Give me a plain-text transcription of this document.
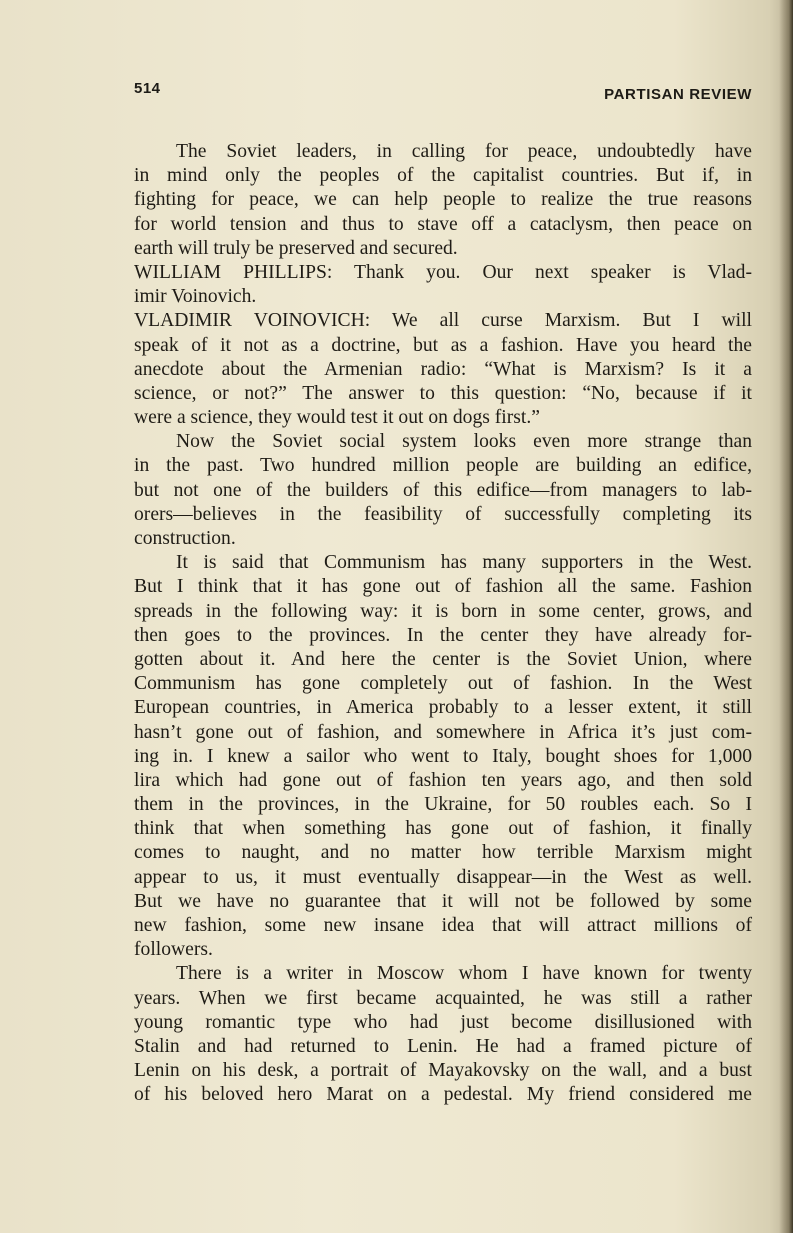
514	PARTISAN REVIEW
The Soviet leaders, in calling for peace, undoubtedly have
in mind only the peoples of the capitalist countries. But if, in
fighting for peace, we can help people to realize the true reasons
for world tension and thus to stave off a cataclysm, then peace on
earth will truly be preserved and secured.
WILLIAM PHILLIPS: Thank you. Our next speaker is Vlad-
imir Voinovich.
VLADIMIR VOINOVICH: We all curse Marxism. But I will
speak of it not as a doctrine, but as a fashion. Have you heard the
anecdote about the Armenian radio: “What is Marxism? Is it a
science, or not?” The answer to this question: “No, because if it
were a science, they would test it out on dogs first.”
Now the Soviet social system looks even more strange than
in the past. Two hundred million people are building an edifice,
but not one of the builders of this edifice—from managers to lab-
orers—believes in the feasibility of successfully completing its
construction.
It is said that Communism has many supporters in the West.
But I think that it has gone out of fashion all the same. Fashion
spreads in the following way: it is born in some center, grows, and
then goes to the provinces. In the center they have already for-
gotten about it. And here the center is the Soviet Union, where
Communism has gone completely out of fashion. In the West
European countries, in America probably to a lesser extent, it still
hasn’t gone out of fashion, and somewhere in Africa it’s just com-
ing in. I knew a sailor who went to Italy, bought shoes for 1,000
lira which had gone out of fashion ten years ago, and then sold
them in the provinces, in the Ukraine, for 50 roubles each. So I
think that when something has gone out of fashion, it finally
comes to naught, and no matter how terrible Marxism might
appear to us, it must eventually disappear—in the West as well.
But we have no guarantee that it will not be followed by some
new fashion, some new insane idea that will attract millions of
followers.
There is a writer in Moscow whom I have known for twenty
years. When we first became acquainted, he was still a rather
young romantic type who had just become disillusioned with
Stalin and had returned to Lenin. He had a framed picture of
Lenin on his desk, a portrait of Mayakovsky on the wall, and a bust
of his beloved hero Marat on a pedestal. My friend considered me
